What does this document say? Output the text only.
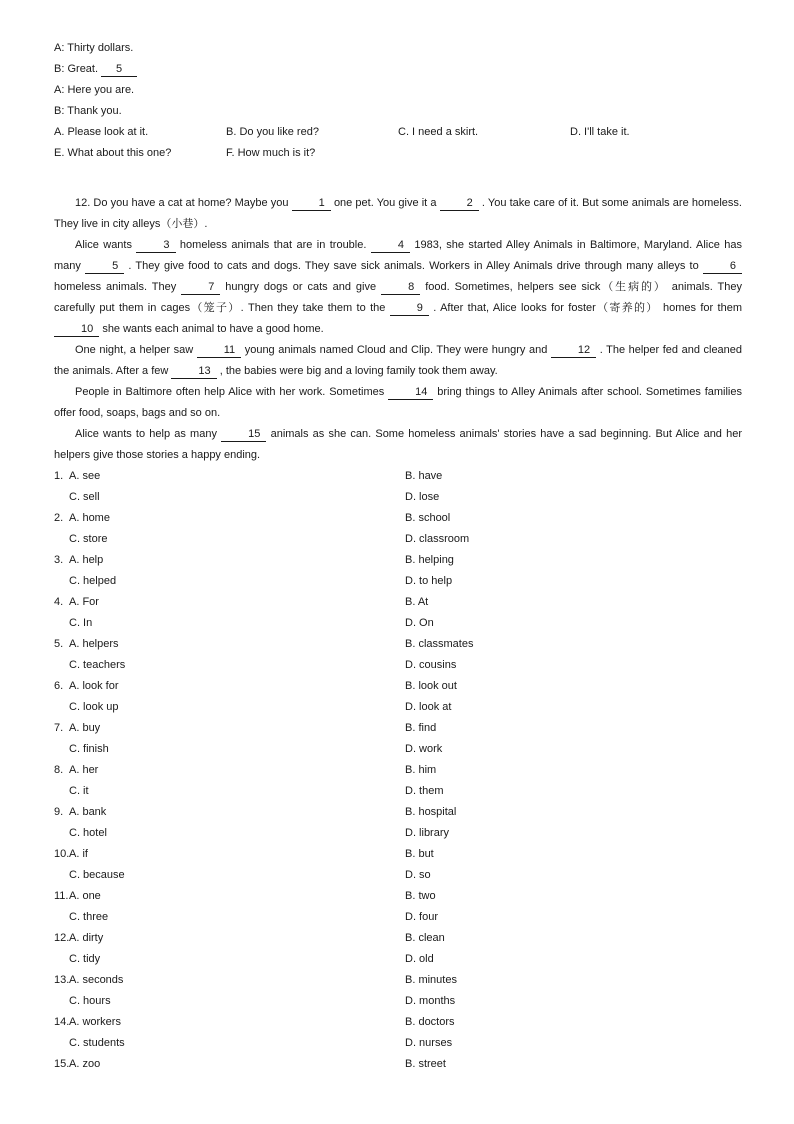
A: Thirty dollars.
B: Great. 5
A: Here you are.
B: Thank you.
A. Please look at it.	B. Do you like red?	C. I need a skirt.	D. I'll take it.
E. What about this one?	F. How much is it?
12. Do you have a cat at home? Maybe you	1 one pet. You give it a	2 . You take care of it. But some animals are homeless. They live in city alleys（小巷）.
Alice wants	3 homeless animals that are in trouble.	4 1983, she started Alley Animals in Baltimore, Maryland. Alice has many	5 . They give food to cats and dogs. They save sick animals. Workers in Alley Animals drive through many alleys to	6 homeless animals. They	7 hungry dogs or cats and give	8 food. Sometimes, helpers see sick（生病的） animals. They carefully put them in cages（笼子）. Then they take them to the	9 . After that, Alice looks for foster（寄养的） homes for them 10 she wants each animal to have a good home.
One night, a helper saw	11 young animals named Cloud and Clip. They were hungry and	12 . The helper fed and cleaned the animals. After a few	13 , the babies were big and a loving family took them away.
People in Baltimore often help Alice with her work. Sometimes	14 bring things to Alley Animals after school. Sometimes families offer food, soaps, bags and so on.
Alice wants to help as many	15 animals as she can. Some homeless animals' stories have a sad beginning. But Alice and her helpers give those stories a happy ending.
1. A. see	B. have
C. sell	D. lose
2. A. home	B. school
C. store	D. classroom
3. A. help	B. helping
C. helped	D. to help
4. A. For	B. At
C. In	D. On
5. A. helpers	B. classmates
C. teachers	D. cousins
6. A. look for	B. look out
C. look up	D. look at
7. A. buy	B. find
C. finish	D. work
8. A. her	B. him
C. it	D. them
9. A. bank	B. hospital
C. hotel	D. library
10. A. if	B. but
C. because	D. so
11. A. one	B. two
C. three	D. four
12. A. dirty	B. clean
C. tidy	D. old
13. A. seconds	B. minutes
C. hours	D. months
14. A. workers	B. doctors
C. students	D. nurses
15. A. zoo	B. street
